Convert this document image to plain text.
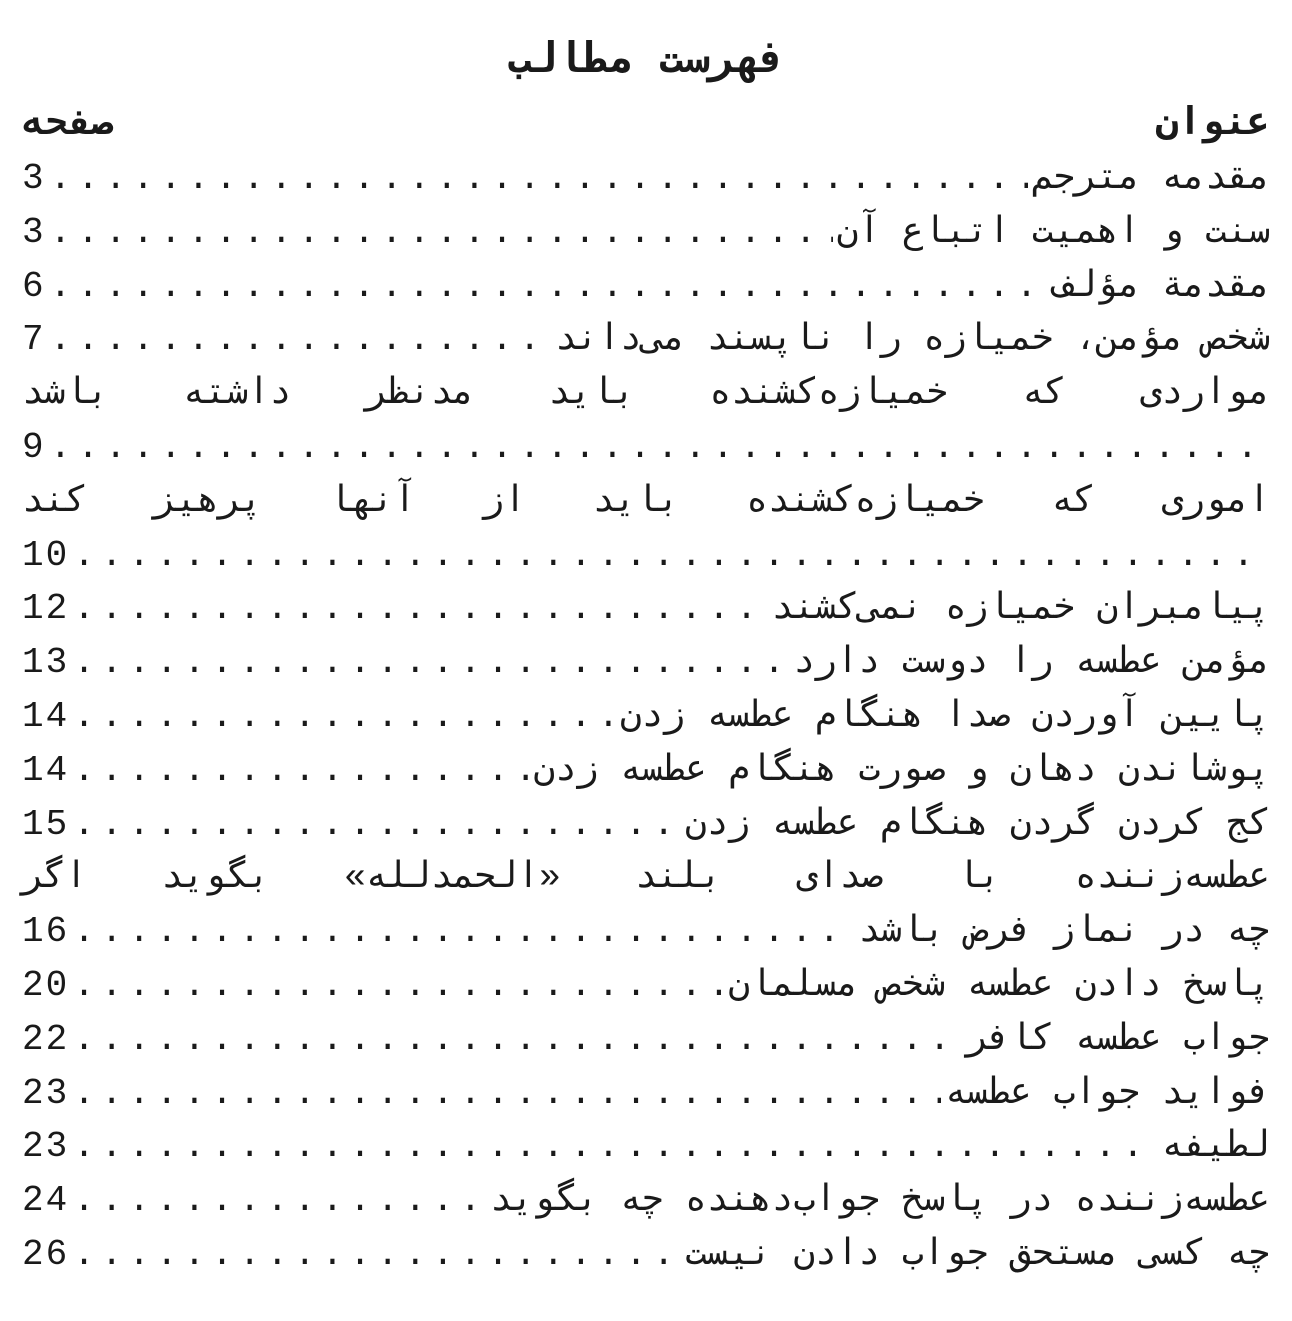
فهرست مطالب
عنوان
صفحه
مقدمه مترجم
.....
3
سنت و اهمیت اتباع آن
.....
3
مقدمة مؤلف
.....
6
شخص مؤمن، خمیازه را ناپسند می‌داند
.....
7
مواردی که خمیازه‌کشنده باید مدنظر داشته باشد
.....
9
اموری که خمیازه‌کشنده باید از آنها پرهیز کند
.....
10
پیامبران خمیازه نمی‌کشند
.....
12
مؤمن عطسه را دوست دارد
.....
13
پایین آوردن صدا هنگام عطسه زدن
.....
14
پوشاندن دهان و صورت هنگام عطسه زدن
.....
14
کج کردن گردن هنگام عطسه زدن
.....
15
عطسه‌زننده با صدای بلند «الحمدلله» بگوید اگر
چه در نماز فرض باشد
.....
16
پاسخ دادن عطسه شخص مسلمان
.....
20
جواب عطسه کافر
.....
22
فواید جواب عطسه
.....
23
لطیفه
.....
23
عطسه‌زننده در پاسخ جواب‌دهنده چه بگوید
.....
24
چه کسی مستحق جواب دادن نیست
.....
26
